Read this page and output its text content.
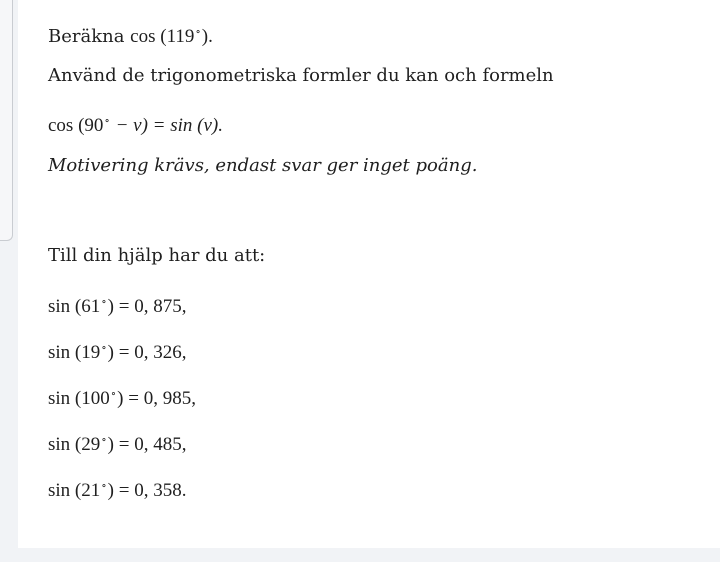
Beräkna cos (119∘).
Använd de trigonometriska formler du kan och formeln
cos (90∘ − v) = sin (v).
Motivering krävs, endast svar ger inget poäng.
Till din hjälp har du att:
sin (61∘) = 0, 875,
sin (19∘) = 0, 326,
sin (100∘) = 0, 985,
sin (29∘) = 0, 485,
sin (21∘) = 0, 358.
